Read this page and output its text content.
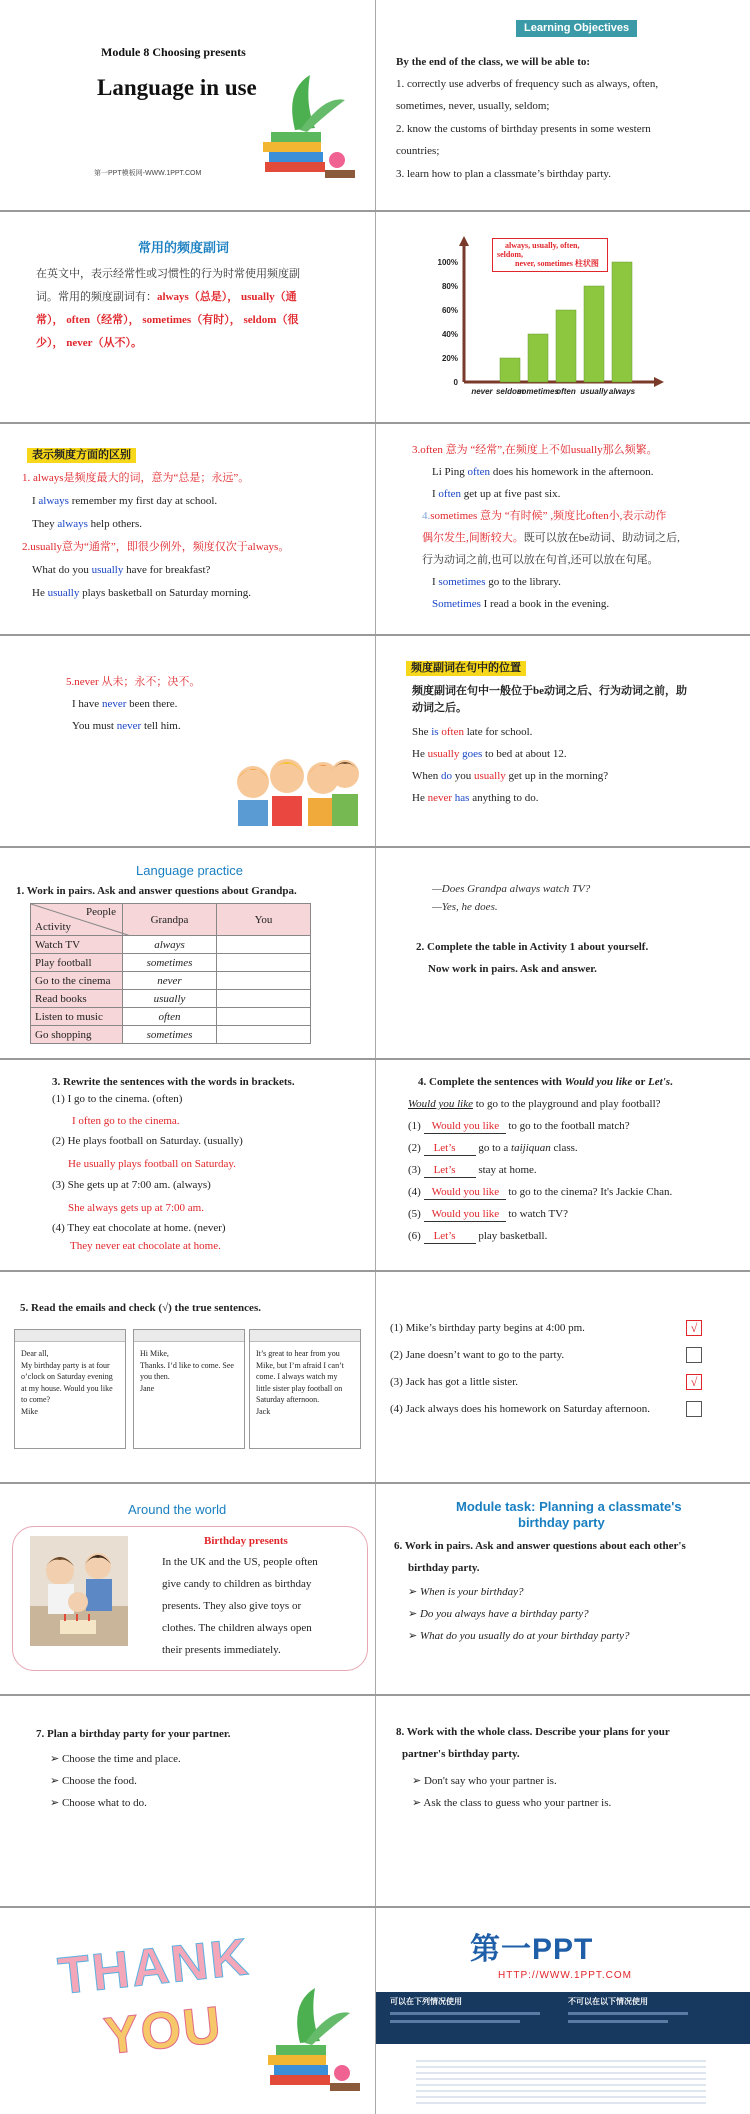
Module 8 Choosing presents
Language in use
第一PPT模板网-WWW.1PPT.COM
Learning Objectives
By the end of the class, we will be able to:
1. correctly use adverbs of frequency such as always, often,
sometimes, never, usually, seldom;
2. know the customs of birthday presents in some western
countries;
3. learn how to plan a classmate’s birthday party.
常用的频度副词
在英文中，表示经常性或习惯性的行为时常使用频度副
词。常用的频度副词有：always（总是）， usually（通
常）， often（经常）， sometimes（有时）， seldom（很
少）， never（从不）。
0
20%
40%
60%
80%
100%
never seldom
sometimes
often usually always
always, usually, often,
seldom,
never, sometimes 柱状图
表示频度方面的区别
1. always是频度最大的词，意为“总是；永远”。
I always remember my first day at school.
They always help others.
2.usually意为“通常”，即很少例外，频度仅次于always。
What do you usually have for breakfast?
He usually plays basketball on Saturday morning.
3.often 意为 “经常”,在频度上不如usually那么频繁。
Li Ping often does his homework in the afternoon.
I often get up at five past six.
4.sometimes 意为 “有时候” ,频度比often小,表示动作
偶尔发生,间断较大。既可以放在be动词、助动词之后,
行为动词之前,也可以放在句首,还可以放在句尾。
I sometimes go to the library.
Sometimes I read a book in the evening.
5.never 从未；永不；决不。
I have never been there.
You must never tell him.
频度副词在句中的位置
频度副词在句中一般位于be动词之后、行为动词之前，助
动词之后。
She is often late for school.
He usually goes to bed at about 12.
When do you usually get up in the morning?
He never has anything to do.
Language practice
1. Work in pairs. Ask and answer questions about Grandpa.
People
Activity	Grandpa	You
Watch TV	always	
Play football	sometimes	
Go to the cinema	never	
Read books	usually	
Listen to music	often	
Go shopping	sometimes	
—Does Grandpa always watch TV?
—Yes, he does.
2. Complete the table in Activity 1 about yourself.
Now work in pairs. Ask and answer.
3. Rewrite the sentences with the words in brackets.
(1) I go to the cinema. (often)
I often go to the cinema.
(2) He plays football on Saturday. (usually)
He usually plays football on Saturday.
(3) She gets up at 7:00 am. (always)
She always gets up at 7:00 am.
(4) They eat chocolate at home. (never)
They never eat chocolate at home.
4. Complete the sentences with Would you like or Let's.
Would you like to go to the playground and play football?
(1) Would you like to go to the football match?
(2) Let’s go to a taijiquan class.
(3) Let’s stay at home.
(4) Would you like to go to the cinema? It's Jackie Chan.
(5) Would you like to watch TV?
(6) Let’s play basketball.
5. Read the emails and check (√) the true sentences.
Dear all,
My birthday party is at four o’clock on Saturday evening at my house. Would you like to come?
Mike
Hi Mike,
Thanks. I’d like to come. See you then.
Jane
It’s great to hear from you Mike, but I’m afraid I can’t come. I always watch my little sister play football on Saturday afternoon.
Jack
(1) Mike’s birthday party begins at 4:00 pm.	√
(2) Jane doesn’t want to go to the party.
(3) Jack has got a little sister.	√
(4) Jack always does his homework on Saturday afternoon.
Around the world
Birthday presents
In the UK and the US, people often
give candy to children as birthday
presents. They also give toys or
clothes. The children always open
their presents immediately.
Module task: Planning a classmate's
birthday party
6. Work in pairs. Ask and answer questions about each other's
birthday party.
➢ When is your birthday?
➢ Do you always have a birthday party?
➢ What do you usually do at your birthday party?
7. Plan a birthday party for your partner.
➢ Choose the time and place.
➢ Choose the food.
➢ Choose what to do.
8. Work with the whole class. Describe your plans for your
partner's birthday party.
➢ Don't say who your partner is.
➢ Ask the class to guess who your partner is.
THANK
YOU
第一PPT
HTTP://WWW.1PPT.COM
可以在下列情况使用	不可以在以下情况使用
